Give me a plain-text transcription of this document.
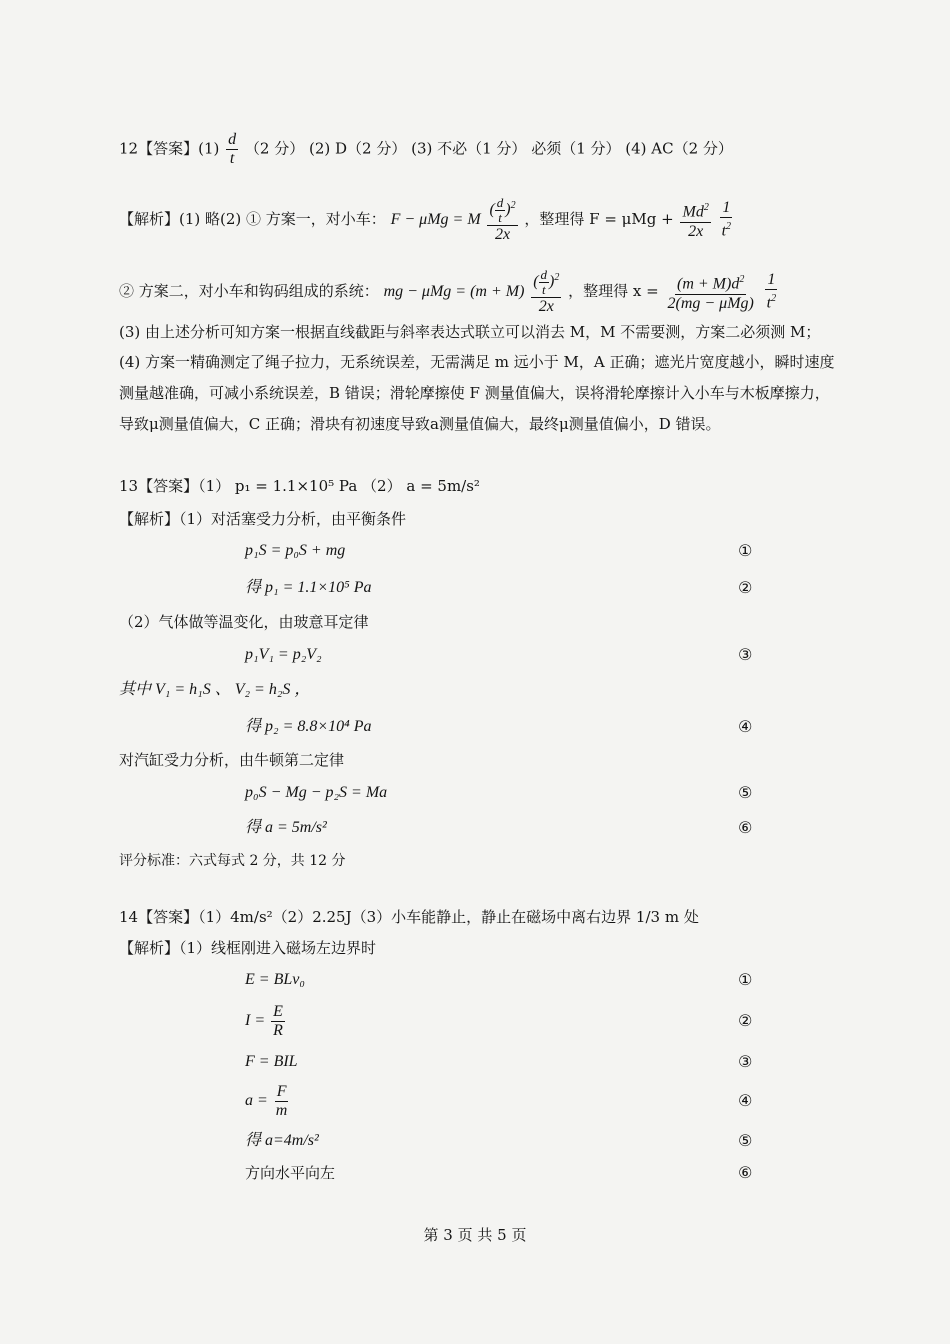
12【答案】$(1) \frac{d}{t} (2$ 分） (2) D（2 分） (3) 不必（1 分） 必须（1 分） (4) AC（2 分）
【解析】(1) 略(2) ① 方案一，对小车： F − μMg = M $\frac{( \frac{d}{t} )^2}{2x}$ ，整理得 $F = \mu Mg + \frac{Md^2}{2x}$
$\frac{1}{t^2}$
② 方案二，对小车和钩码组成的系统： mg − $\mu Mg = (m + M) \frac{( \frac{d}{t} )^2}{2x}$ ，整理得 $x = \frac{(m + M)d^2}{\text{2(mg − μMg)}}$
$\frac{1}{t^2}$
(3) 由上述分析可知方案一根据直线截距与斜率表达式联立可以消去 M，M 不需要测，方案二必须测 M；
(4) 方案一精确测定了绳子拉力，无系统误差，无需满足 m 远小于 M，A 正确；遮光片宽度越小，瞬时速度测量越准确，可减小系统误差，B 错误；滑轮摩擦使 F 测量值偏大，误将滑轮摩擦计入小车与木板摩擦力，导致μ测量值偏大，C 正确；滑块有初速度导致a测量值偏大，最终μ测量值偏小，D 错误。
13【答案】（1） p₁ = 1.1×10⁵ Pa （2） a = 5m/s²
【解析】（1）对活塞受力分析，由平衡条件
p₁S = p₀S + mg	①
得 p₁ = 1.1×10⁵ Pa	②
（2）气体做等温变化，由玻意耳定律
p₁V₁ = p₂V₂	③
其中 V₁ = h₁S 、 V₂ = h₂S ，
得 p₂ = 8.8×10⁴ Pa	④
对汽缸受力分析，由牛顿第二定律
p₀S − Mg − p₂S = Ma	⑤
得 a = 5m/s²	⑥
评分标准：六式每式 2 分，共 12 分
14【答案】（1）4m/s²（2）2.25J（3）小车能静止，静止在磁场中离右边界 1/3 m 处
【解析】（1）线框刚进入磁场左边界时
E = BLv₀	①
$I = \frac{E}{R}$	②
F = BIL	③
$a = \frac{F}{m}$	④
得 a=4m/s²	⑤
方向水平向左	⑥
第 3 页 共 5 页
